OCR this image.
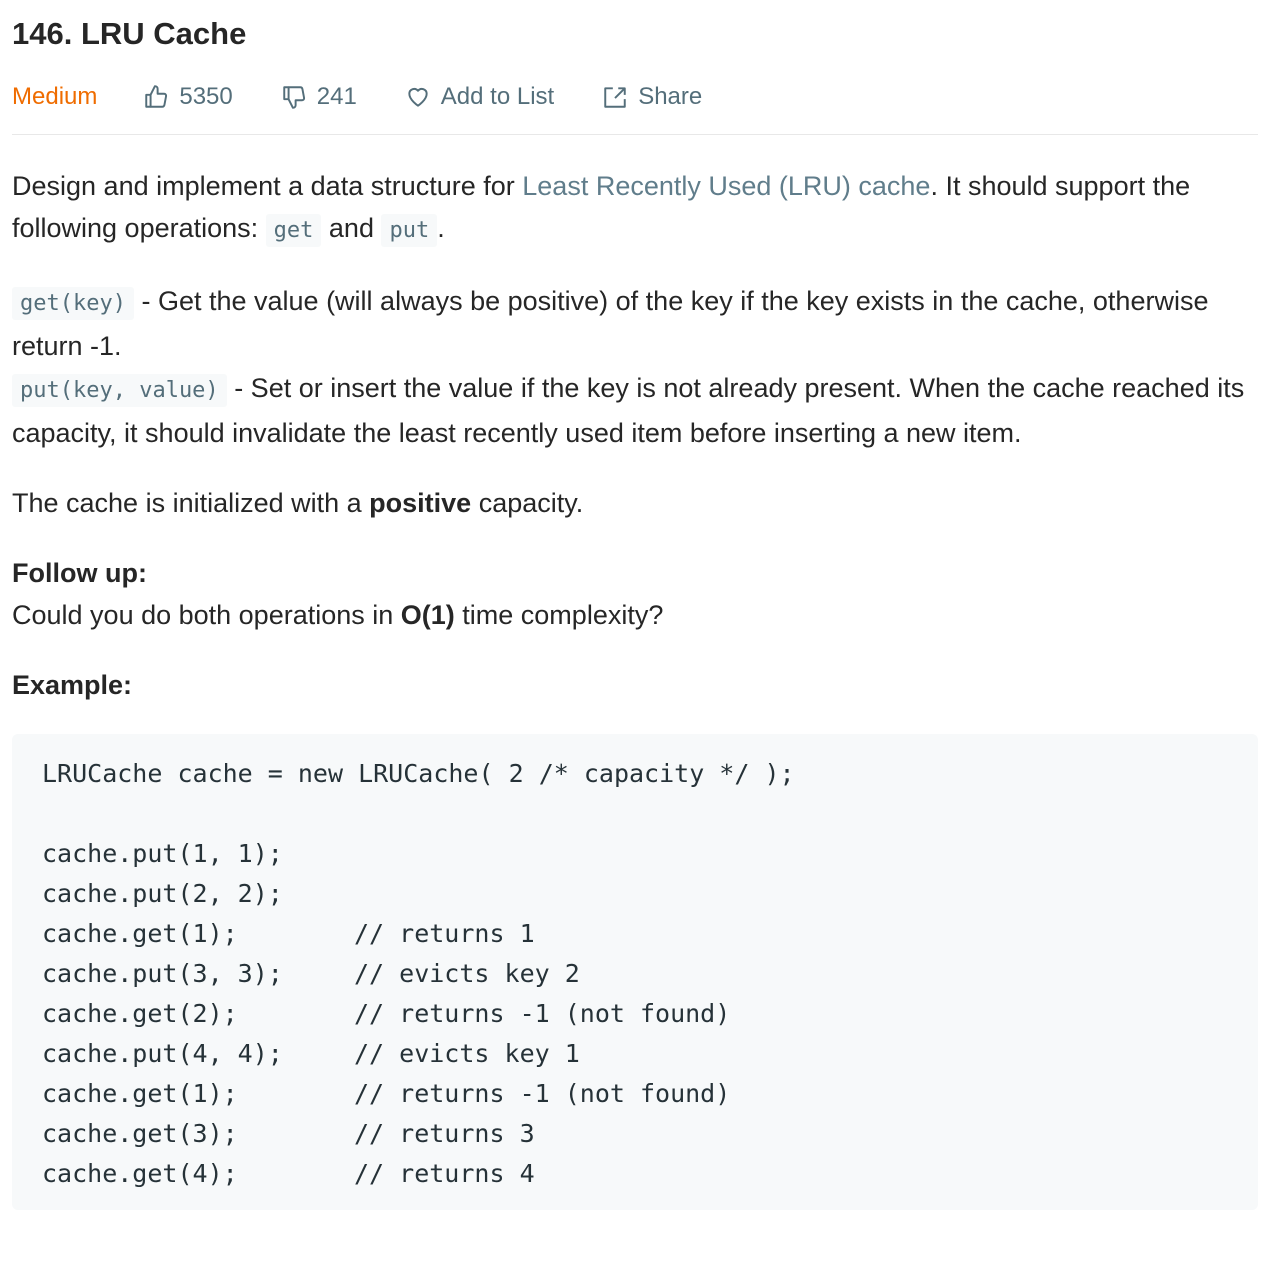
146. LRU Cache
Medium	5350	241	Add to List	Share

Design and implement a data structure for Least Recently Used (LRU) cache. It should support the following operations: get and put .

get(key) - Get the value (will always be positive) of the key if the key exists in the cache, otherwise return -1.

put(key, value) - Set or insert the value if the key is not already present. When the cache reached its capacity, it should invalidate the least recently used item before inserting a new item.

The cache is initialized with a positive capacity.

Follow up:

Could you do both operations in O(1) time complexity?

Example:

LRUCache cache = new LRUCache( 2 /* capacity */ );
cache.put(1, 1);
cache.put(2, 2);
cache.get(1);	// returns 1
cache.put(3, 3);	// evicts key 2
cache.get(2);	// returns -1 (not found)
cache.put(4, 4);	// evicts key 1
cache.get(1);	// returns -1 (not found)
cache.get(3);	// returns 3
cache.get(4);	// returns 4
